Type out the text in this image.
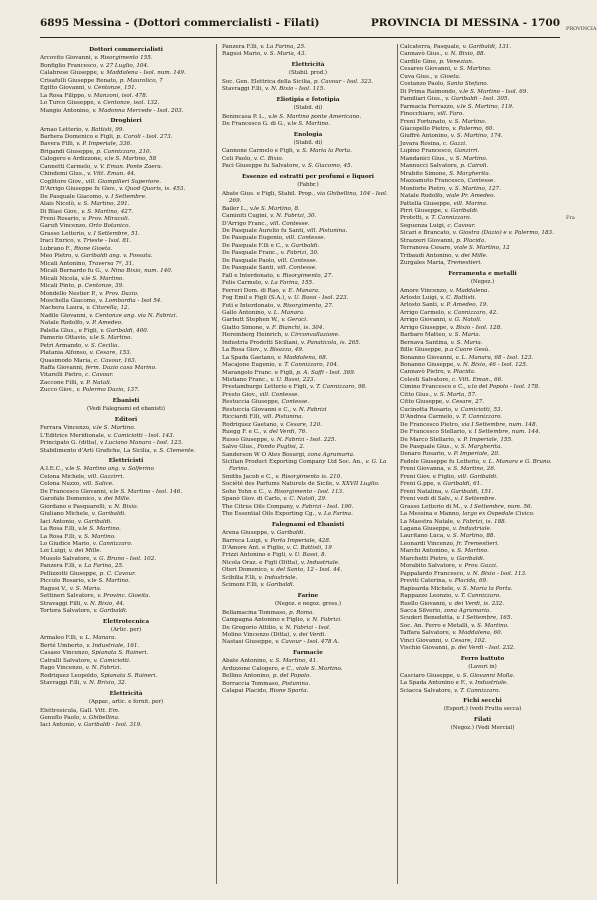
6895 Messina - (Dottori commercialisti - Filati)	PROVINCIA DI MESSINA - 1700
Dottori commercialisti
Arcovito Giovanni, v. Risorgimento 155.
Bonfiglio Francesco, v. 27 Luglio, 104.
Calabrese Giuseppe, v. Maddalena - Isol. num. 149.
Crisafulli Giuseppe Renato, p. Maurolico, 7
Egitto Giovanni, v. Centonze, 151.
La Rosa Filippo, v. Manzoni, isol. 478.
Lo Turco Giuseppe, v. Centonze, isol. 132.
Mangio Antonino, v. Madonna Mercede - Isol. 203.
Droghieri
Arnao Letterio, v. Battisti, 99.
Barbera Domenico e Figli, p. Caroli - Isol. 273.
Bavera Filli, v. P. Imperiale, 336.
Brigandi Giuseppe, p. Cannizzaro, 210.
Calogero e Ardizzone, v.le S. Martino, 58
Cannetti Carmelo, v. V. Eman. Ponte Zaera.
Chindemi Glus., v. Vitt. Eman. 44.
Coglitore Giov., vill. Giampilieri Superiore.
D'Arrigo Giuseppe fu Giov., v. Quod Quoris, is. 453.
De Pasquale Giacomo, v. I Settembre.
Alais Nicolò, v. S. Martino, 291.
Di Blasi Giov., v. S. Martino, 427.
Freni Rosario, v. Prov. Miracoli.
Garufi Vincenzo, Orto Botanico.
Grasso Letterio, v. I Settembre, 51.
Iraci Enrico, v. Trieste - Isol. 81.
Lubrano F., Rione Gioeta.
Meo Pietro, v. Garibaldi ang. v. Fossata.
Micali Antonino, Traversa 7ª, 31.
Micali Bernardo fu G., v. Nino Bixio, num. 140.
Micali Nicola, v.le S. Martino.
Micali Pinto, p. Centonze, 39.
Mondello Nestier P., v. Prov. Dazio.
Moschella Giacomo, v. Lombardia - Isol 54.
Nachera Laura, v. Citarella, 12.
Nadile Giovanni, v. Centonze ang. via N. Fabrizi.
Natale Rodolfo, v. P. Amedeo.
Palella Glus., e Figli, v. Garibaldi, 400.
Pamerio Ottavio, v.le S. Martino.
Petri Armando, v. S. Cecilia.
Platania Alfonso, v. Cesare, 153.
Quasimodo Maria, c. Cavour, 163.
Raffa Giovanni, ferm. Dazio casa Marino.
Vitarelli Pietro, c. Cavour.
Zaccone Filli, v. P. Natali.
Zucco Giov., v. Palermo Dazio, 137.
Ebanisti
(Vedi Falegnami ed ebanisti)
Editori
Ferrara Vincenzo, v.le S. Martino.
L'Editrice Meridionale, v. Camiciotti - Isol. 143.
Principato G. (ditta), v Luciano Manara - Isol. 123.
Stabilimento d'Arti Grafiche, La Sicilia, v. S. Clemente.
Elettricisti
A.I.E.C., v.le S. Martino ang. v. Solferino
Celona Michele, vill. Gazzirri.
Celona Nuzzo, vill. Salice.
De Francesco Giovanni, v.le S. Martino - Isol. 146.
Garofalo Domenico, v. dei Mille.
Giordano e Pasquarelli, v. N. Bixio.
Giuliano Michele, v. Garibaldi.
Iaci Antonio, v. Garibaldi.
La Rosa F.lli, v.le S. Martino.
La Rosa F.lli, v. S. Martino.
Lo Giudice Mario, v. Cannizzaro.
Loi Luigi, v. dei Mille.
Musolo Salvatore, v. G. Bruno - Isol. 102.
Panzera F.lli, v. La Farina, 25.
Pellizzotti Giuseppe, p. C. Cavour.
Piccolo Rosario, v.le S. Martino.
Ragusi V., v. S. Maria.
Settineri Salvatore, v. Provinc. Gioeita.
Stravaggi Filli, v. N. Bixio, 44.
Tortora Salvatore, v. Garibaldi.
Elettrotecnica
(Artic. per)
Armaleo F.lli, v. L. Manara.
Berté Umberto, v. Industriale, 161.
Casaeo Vincenzo, Spianata S. Raineri.
Catralli Salvatore, v. Camiciotti.
Rago Vincenzo, v. N. Fabrizi.
Rodriquez Leopoldo, Spianata S. Raineri.
Stavraggi F.lli, v. N. Brixio, 32.
Elettricità
(Appar., artic. e fornit. per)
Elettrosicula, Gall. Vitt. Em.
Genuflo Paolo, v. Ghibellina.
Iaci Antonio, v. Garibaldi - Isol. 319.
Panzera F.lli, v. La Farina, 25.
Ragusi Mario, v. S. Maria, 43.
Elettricità
(Stabil. prod.)
Soc. Gen. Elettrica della Sicilia, p. Cavour - Isol. 323.
Stavraggi F.lli, v. N. Bixio - Isol. 115.
Eliotipia e fototipia
(Stabil. di)
Benincasa P. L., v.le S. Martino ponte Americano.
De Francesco G. di G., v.le S. Martino.
Enologia
(Stabil. di)
Cannone Carmelo e Figli, v. S. Maria la Porta.
Celi Paolo, v. C. Bixio.
Paci Giuseppe fu Salvatore, v. S. Giacomo, 45.
Essenze ed estratti per profumi e liquori
(Fabbr.)
Abate Gius. e Figli, Stabil. Prop., via Ghibellina, 104 - Isol. 269.
Bailer L., v.le S. Martino, 8.
Caminiti Cugini, v. N. Fabrizi, 30.
D'Arrigo Franc., vill. Contesse.
De Pasquale Aurelio fu Santi, vill. Pistunina.
De Pasquale Eugenio, vill. Contesse.
De Pasquale F.lli e C., v. Garibaldi.
De Pasquale Franc., v. Fabrizi, 30.
De Pasquale Paolo, vill. Contesse.
De Pasquale Santi, vill. Contesse.
Fall e Interdonato, v. Risorgimento, 27.
Felis Carmelo, v. La Farina, 155.
Ferreri Dom. di Rao, v. E. Manara.
Fog Emil e Figli (S.A.), v. U. Bassi - Isol. 223.
Foti e Interdonato, v. Risorgimento, 27.
Gallo Antonino, v. L. Manara.
Garbutt Stephen W., v. Geraci.
Giatto Simone, v. F. Bianchi, is. 304.
Heremberg Heinrich, v. Circonvallazione.
Industria Prodotti Siciliani, v. Panaticola, is. 265.
La Rosa Giov., v. Bisazza, 49.
La Spada Gaetano, v. Maddalena, 68.
Macajone Eugenio, v. T. Cannizzaro, 104.
Marangolo Franc. e Figli, p. A. Saffi - Isol. 369.
Mistiano Franc., v. U. Bassi, 223.
Prestamburgo Letterio e Figli, v. T. Cannizzaro, 98.
Presto Giov., vill. Contesse.
Restuccia Giuseppe, Contesse.
Restuccia Giovanni e C., v. N. Fabrizi
Ricciardi F.lli, vill. Pistunina.
Rodriquez Gaetano, v. Cesare, 120.
Ruegg F. e C., v. del Verdi, 76.
Russo Giuseppe, v. N. Fabrizi - Isol. 225.
Salvo Glus., Fondo Puglisi, 2.
Sanderson W O Ates Bosurgi, zona Agrumaria.
Sicilian Product Exporting Company Ltd Soc. An., v. G. La Farina.
Smiths Jacob e C., v. Risorgimento is. 210.
Société des Parfums Naturels de Sicile, v. XXVII Luglio.
Soho Yohn e C., v. Risorgimento - Isol. 113.
Spanò Giov. di Carlo, v. C. Natoli, 29.
The Citrus Oils Company, v. Fabrizi - Isol. 190.
The Essential Oils Exporting Cg., v. La Farina.
Falegnami ed Ebanisti
Arena Giuseppe, v. Garibaldi.
Barreca Luigi, v. Porta Imperiale, 428.
D'Amore Ant. e Figlio, v. C. Battisti, 19
Frizzi Antonino e Figli, v. U. Bassi, 8.
Nicola Oraz. e Figli (Ditta), v. Industriale.
Oteri Domenico, v. del Santo, 12 - Isol. 44.
Scibilia F.lli, v. Industriale.
Scimoni F.lli, v. Garibaldi.
Farine
(Negoz. e negoz. gross.)
Bellamacina Tommaso, p. Roma.
Campagna Antonino e Figlio, v. N. Fabrizi.
De Gregorio Attilio, v. N. Fabrizi - Isol.
Molino Vincenzo (Ditta), v. dei Verdi.
Nastasi Giuseppe, v. Cavour - Isol. 478 A.
Farmacie
Abate Antonino, v. S. Martino, 41.
Ardizzone Calogero, e C., viale S. Martino.
Bellino Antonino, p. del Popolo.
Borraccia Tommaso, Pistunina.
Calapai Placido, Rione Sparta.
Calcaterra, Pasquale, v. Garibaldi, 131.
Cannavò Gius., v. N. Bixio, 88.
Cardile Gino, p. Venezian.
Cesareo Giovanni, v. S. Martino.
Cuva Gius., v. Gioeta.
Costanzo Paolo, Santo Stefano.
Di Prima Raimondo, v.le S. Martino - Isol. 69.
Familiari Gius., v. Garibaldi - Isol. 305.
Farmacia Ferrazzo, v.le S. Martino, 119.
Finocchiaro, vill. Faro.
Freni Fortunato, v. S. Martino.
Giacopello Pietro, v. Palermo, 60.
Giuffrè Antonino, v. S. Martino, 174.
Juvara Rosina, c. Gazzi.
Lupino Francesco, Ganzirri.
Mandanici Gius., v. S. Martino.
Mannucci Salvatore, p. Cairoli.
Mrabito Simone, S. Margherita.
Mazzamuto Francesco, Contesse.
Monforte Pietro, v. S. Martino, 127.
Natale Rodolfo, viale Pr. Amedeo.
Pattella Giuseppe, vill. Marina.
Pirri Giuseppe, v. Garibaldi.
Protetti, v. T. Cannizzaro.
Seguenza Luigi, c. Cavour.
Sicari e Brancato, v. Giostra (Dazio) e v. Palermo, 183.
Strazzeri Giovanni, p. Placida.
Terranova Cesare, viale S. Martino, 12
Tribaudi Antonino, v. dei Mille.
Zurgales Maria, Tremestieri.
Ferramenta e metalli
(Negoz.)
Amore Vincenzo, v. Maddalena.
Arlosto Luigi, v. C. Battisti.
Arlosto Santi, v. P. Amedeo, 19.
Arrigo Carmelo, v. Cannizzaro, 42.
Arrigo Giovanni, v. G. Natoli.
Arrigo Giuseppe, v. Bixio - Isol. 128.
Barbaro Matteo, v. S. Maria.
Bernava Santina, v. S. Maria.
Bille Giuseppe, p.a Cuore Gesù.
Bonanno Giovanni, v. L. Manara, 68 - Isol. 123.
Bonanno Giuseppe, v. N. Bixio, 46 - Isol. 125.
Cannavò Pietro, v. Placida.
Celesti Salvatore, c. Vitt. Eman., 66.
Cimino Francesco e C., v.lo del Popolo - Isol. 178.
Citto Gius., v. S. Marta, 57.
Citto Giuseppe, v. Cesare, 27.
Cucinotta Rosario, v. Camiciotti, 53.
D'Andrea Carmelo, v. T. Cannizzaro.
De Francesco Pietro, via I Settembre, num. 148.
De Francesco Stellario, v. I Settembre, num. 144.
De Marco Stellario, v. P. Imperiale, 155.
De Pasquale Gius., v. S. Margherita.
Denaro Rosario, v. P. Imperiale, 20.
Fedele Giuseppe fu Letterio, v. L. Manara e G. Bruno.
Freni Giovanna, v. S. Martino, 26.
Freni Giov. e Figlio, vill. Garibaldi.
Freni G.ppe, v. Garibaldi, 61.
Freni Natalina, v. Garibaldi, 151.
Freni vedi di Salv., v. I Settembre.
Grasso Letterio di M., v. I Settembre, num. 56.
La Messina e Manno, largo ex Ospedale Civico.
La Maestra Natale, v. Fabrizi, is. 188.
Lagana Giuseppe, v. Industriale.
Lauritano Luca, v. S. Martino, 88.
Leonardi Vincenzo, fr. Tremestieri.
Marchi Antonino, v. S. Martino.
Marchetti Pietro, v. Garibaldi.
Morabito Salvatore, v. Prov. Gazzi.
Pappalardo Francesco, v. N. Bixio - Isol. 113.
Previti Caterina, v. Placida, 69.
Rapisarda Michele, v. S. Maria la Porta.
Rappazzo Leonzio, v. T. Cannizzaro.
Ruello Giovanni, v. dei Verdi, is. 232.
Sacca Silverio, zona Agrumaria.
Scuderi Benedetta, v. I Settembre, 165.
Soc. An. Ferro e Metalli, v. S. Martino.
Taffara Salvatore, v. Maddalena, 60.
Vinci Giovanni, v. Cesare, 102.
Vischio Giovanni, p. dei Verdi - Isol. 232.
Ferro battuto
(Lavori in)
Casciaro Giuseppe, v. S. Giovanni Molla.
La Spada Antonino e F., v. Industriale.
Sciacca Salvatore, v. T. Cannizzaro.
Fichi secchi
(Esport.) (vedi Frutta secca)
Filati
(Negoz.) (Vedi Mercial)
PROVINCIA

Fra
